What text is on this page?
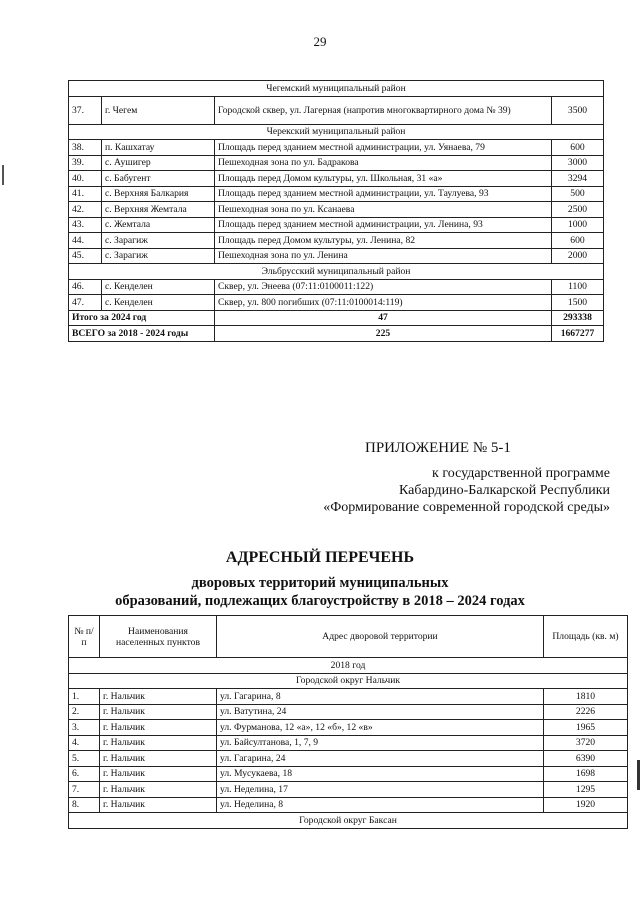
29
Чегемский муниципальный район			
37.	г. Чегем	Городской сквер, ул. Лагерная (напротив многоквартирного дома № 39)	3500
Черекский муниципальный район			
38.	п. Кашхатау	Площадь перед зданием местной администрации, ул. Уянаева, 79	600
39.	с. Аушигер	Пешеходная зона по ул. Бадракова	3000
40.	с. Бабугент	Площадь перед Домом культуры, ул. Школьная, 31 «а»	3294
41.	с. Верхняя Балкария	Площадь перед зданием местной администрации, ул. Таулуева, 93	500
42.	с. Верхняя Жемтала	Пешеходная зона по ул. Ксанаева	2500
43.	с. Жемтала	Площадь перед зданием местной администрации, ул. Ленина, 93	1000
44.	с. Зарагиж	Площадь перед Домом культуры, ул. Ленина, 82	600
45.	с. Зарагиж	Пешеходная зона по ул. Ленина	2000
Эльбрусский муниципальный район			
46.	с. Кенделен	Сквер, ул. Энеева (07:11:0100011:122)	1100
47.	с. Кенделен	Сквер, ул. 800 погибших (07:11:0100014:119)	1500
Итого за 2024 год		47	293338
ВСЕГО за 2018 - 2024 годы		225	1667277
ПРИЛОЖЕНИЕ № 5-1
к государственной программе
Кабардино-Балкарской Республики
«Формирование современной городской среды»
АДРЕСНЫЙ ПЕРЕЧЕНЬ
дворовых территорий муниципальных
образований, подлежащих благоустройству в 2018 – 2024 годах
№ п/п	Наименования населенных пунктов	Адрес дворовой территории	Площадь (кв. м)
2018 год			
Городской округ Нальчик			
1.	г. Нальчик	ул. Гагарина, 8	1810
2.	г. Нальчик	ул. Ватутина, 24	2226
3.	г. Нальчик	ул. Фурманова, 12 «а», 12 «б», 12 «в»	1965
4.	г. Нальчик	ул. Байсултанова, 1, 7, 9	3720
5.	г. Нальчик	ул. Гагарина, 24	6390
6.	г. Нальчик	ул. Мусукаева, 18	1698
7.	г. Нальчик	ул. Неделина, 17	1295
8.	г. Нальчик	ул. Неделина, 8	1920
Городской округ Баксан			
